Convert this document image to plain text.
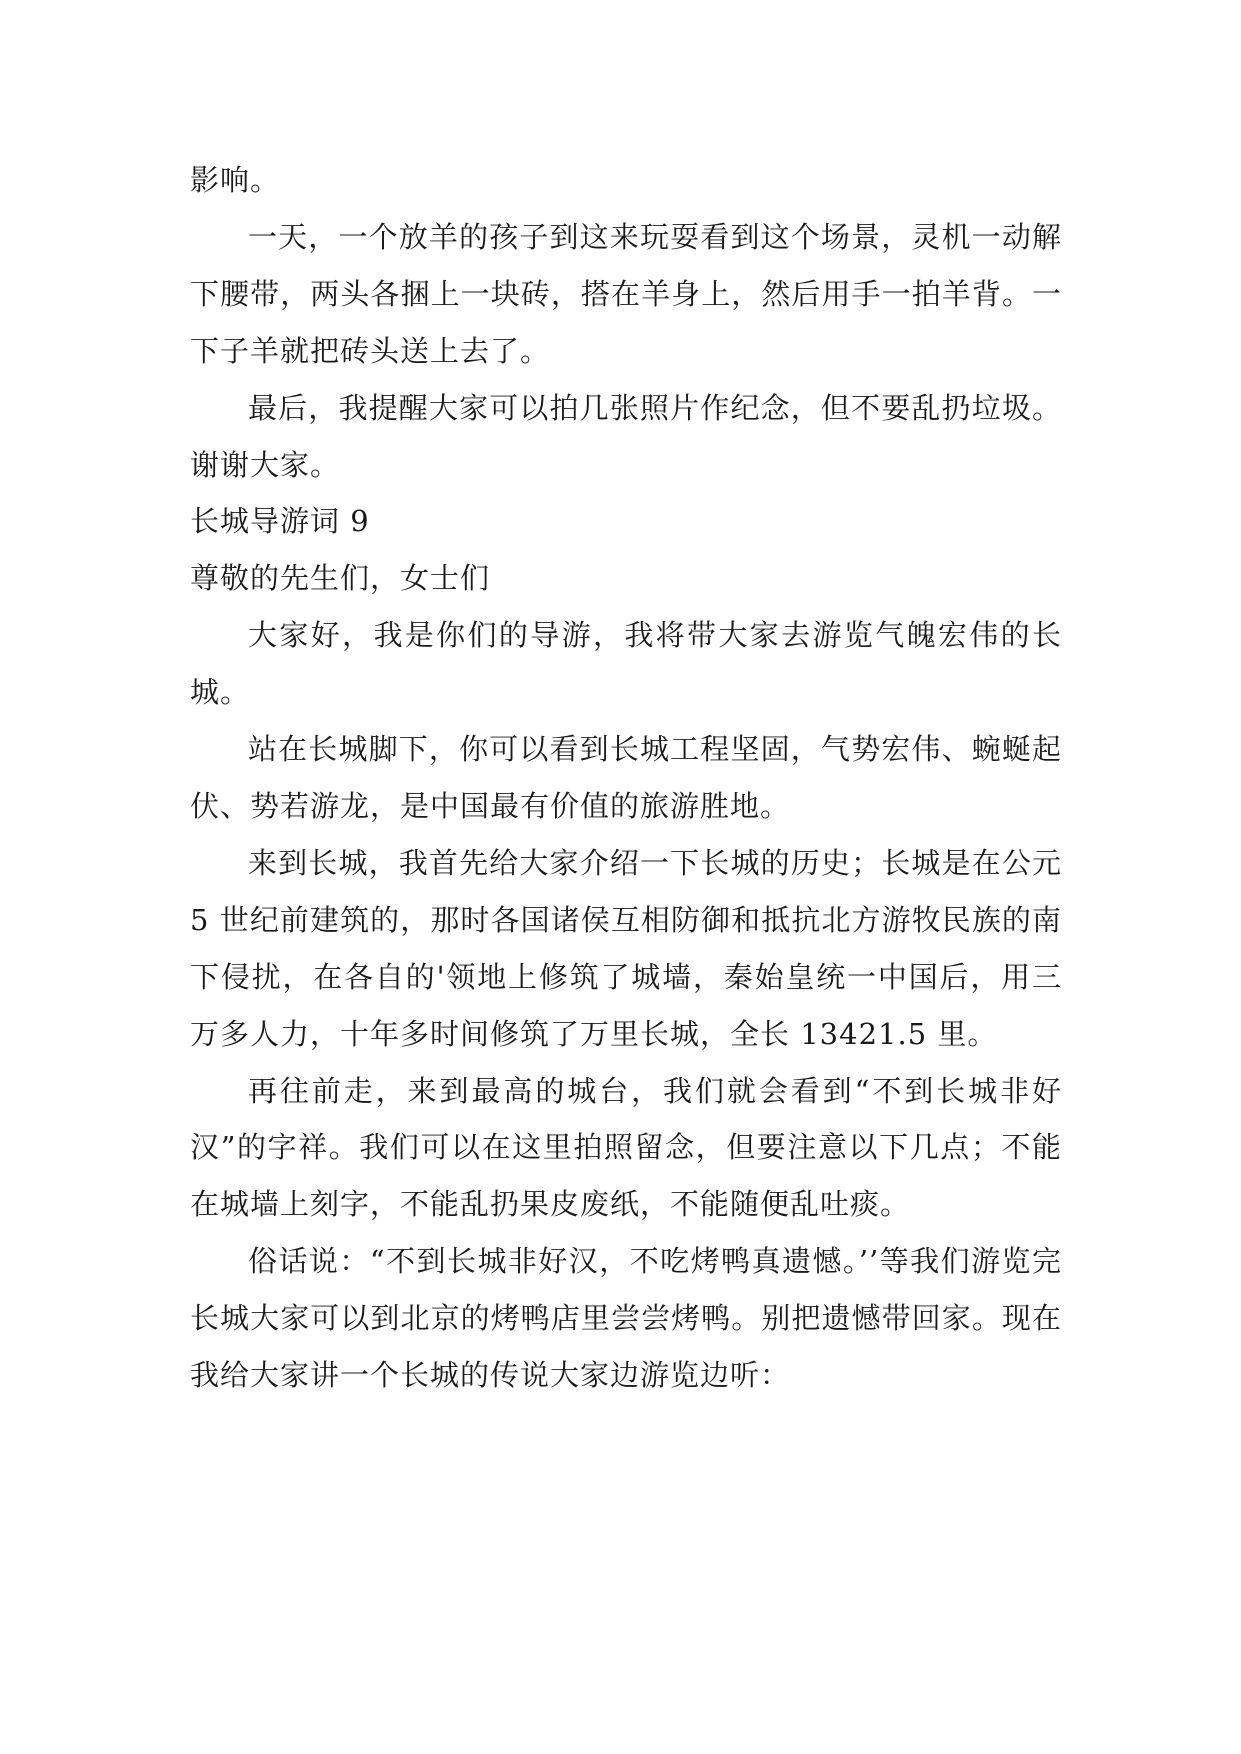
影响。

一天，一个放羊的孩子到这来玩耍看到这个场景，灵机一动解下腰带，两头各捆上一块砖，搭在羊身上，然后用手一拍羊背。一下子羊就把砖头送上去了。

最后，我提醒大家可以拍几张照片作纪念，但不要乱扔垃圾。谢谢大家。

长城导游词 9

尊敬的先生们，女士们

大家好，我是你们的导游，我将带大家去游览气魄宏伟的长城。

站在长城脚下，你可以看到长城工程坚固，气势宏伟、蜿蜒起伏、势若游龙，是中国最有价值的旅游胜地。

来到长城，我首先给大家介绍一下长城的历史；长城是在公元 5 世纪前建筑的，那时各国诸侯互相防御和抵抗北方游牧民族的南下侵扰，在各自的'领地上修筑了城墙，秦始皇统一中国后，用三万多人力，十年多时间修筑了万里长城，全长 13421.5 里。

再往前走，来到最高的城台，我们就会看到“不到长城非好汉”的字祥。我们可以在这里拍照留念，但要注意以下几点；不能在城墙上刻字，不能乱扔果皮废纸，不能随便乱吐痰。

俗话说：“不到长城非好汉，不吃烤鸭真遗憾。’’等我们游览完长城大家可以到北京的烤鸭店里尝尝烤鸭。别把遗憾带回家。现在我给大家讲一个长城的传说大家边游览边听：
